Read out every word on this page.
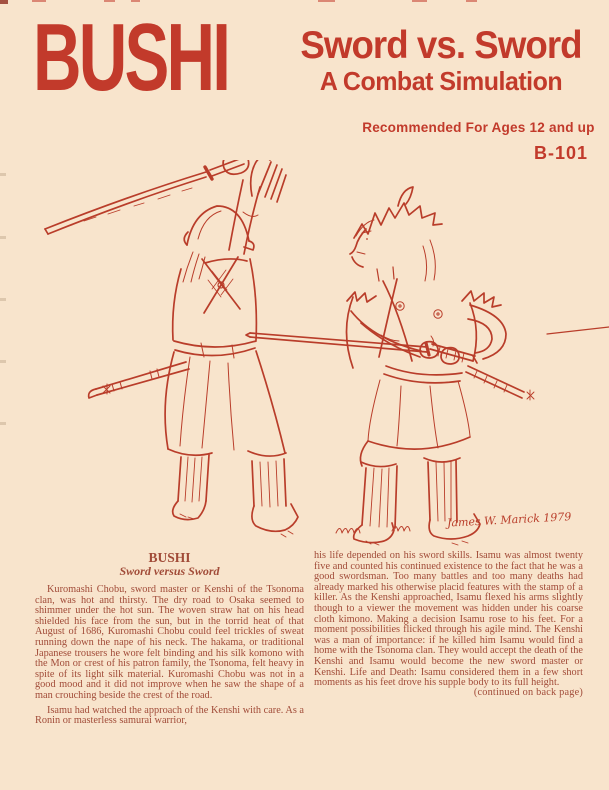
BUSHI Sword vs. Sword
A Combat Simulation
Recommended For Ages 12 and up
B-101
James W. Marick 1979
BUSHI
Sword versus Sword

Kuromashi Chobu, sword master or Kenshi of the Tsonoma clan, was hot and thirsty. The dry road to Osaka seemed to shimmer under the hot sun. The woven straw hat on his head shielded his face from the sun, but in the torrid heat of that August of 1686, Kuromashi Chobu could feel trickles of sweat running down the nape of his neck. The hakama, or traditional Japanese trousers he wore felt binding and his silk komono with the Mon or crest of his patron family, the Tsonoma, felt heavy in spite of its light silk material. Kuromashi Chobu was not in a good mood and it did not improve when he saw the shape of a man crouching beside the crest of the road.

Isamu had watched the approach of the Kenshi with care. As a Ronin or masterless samurai warrior,

his life depended on his sword skills. Isamu was almost twenty five and counted his continued existence to the fact that he was a good swordsman. Too many battles and too many deaths had already marked his otherwise placid features with the stamp of a killer. As the Kenshi approached, Isamu flexed his arms slightly though to a viewer the movement was hidden under his coarse cloth kimono. Making a decision Isamu rose to his feet. For a moment possibilities flicked through his agile mind. The Kenshi was a man of importance: if he killed him Isamu would find a home with the Tsonoma clan. They would accept the death of the Kenshi and Isamu would become the new sword master or Kenshi. Life and Death: Isamu considered them in a few short moments as his feet drove his supple body to its full height.

(continued on back page)
